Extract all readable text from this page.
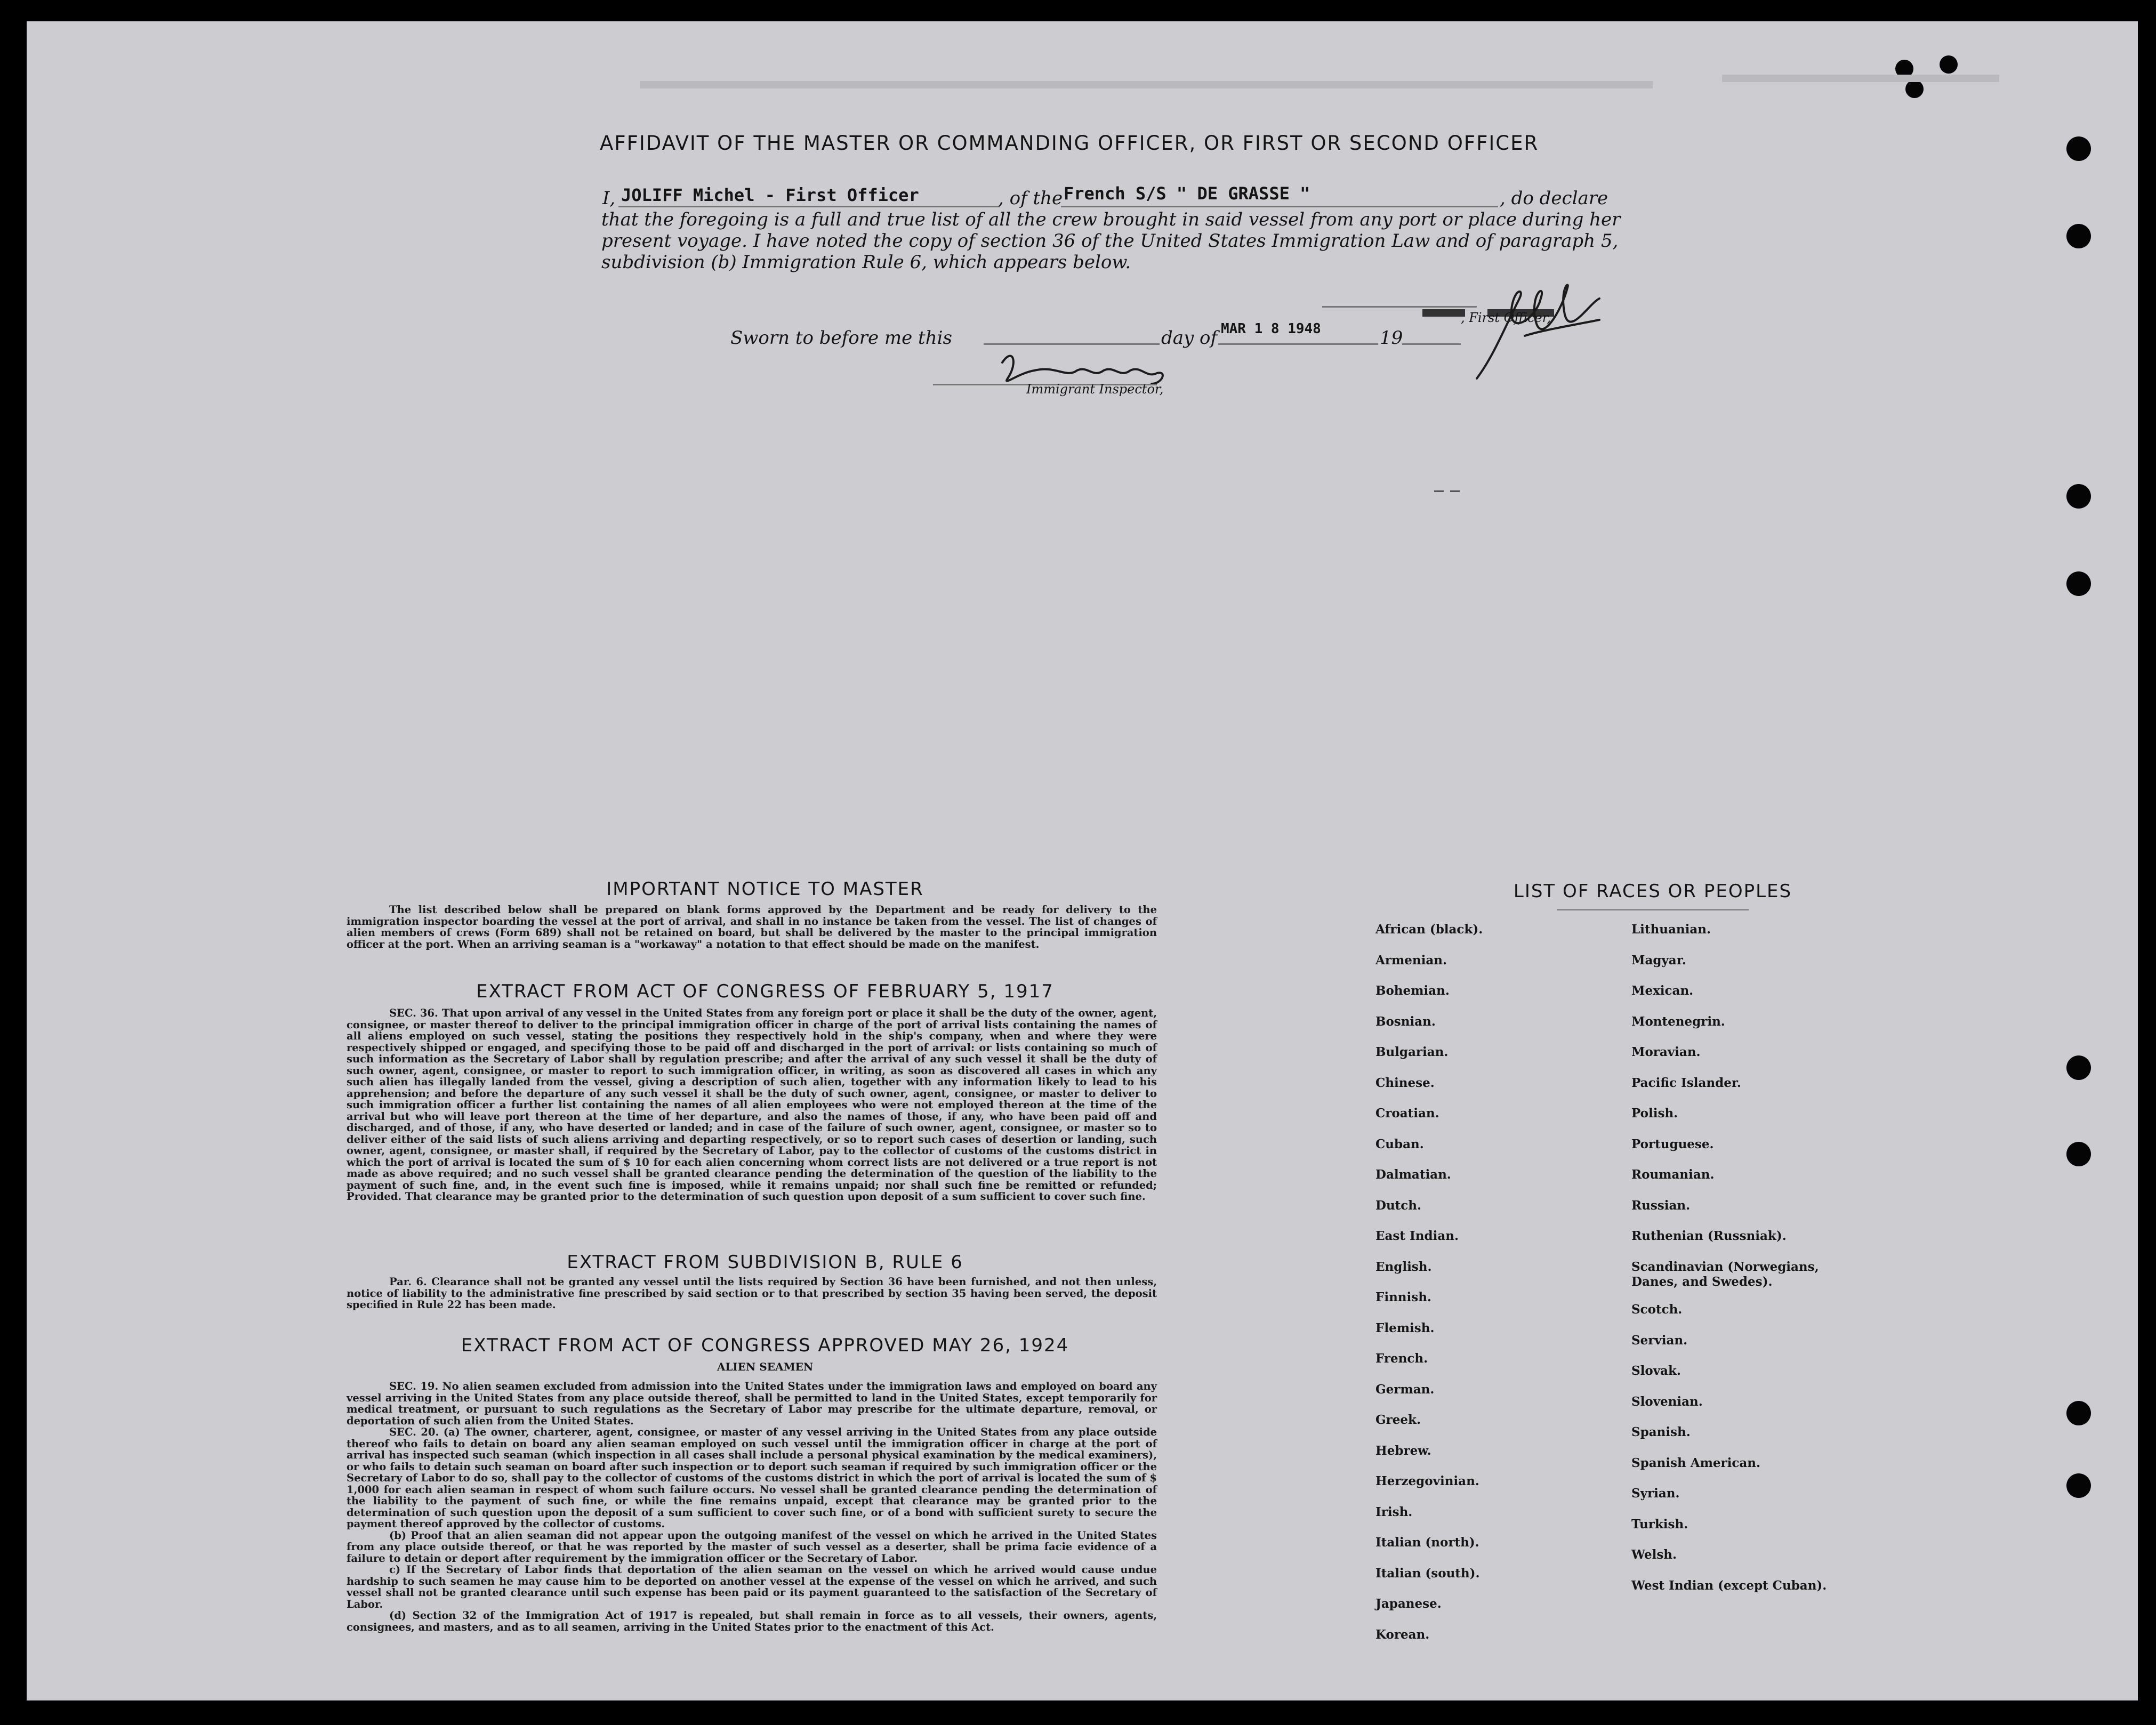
AFFIDAVIT OF THE MASTER OR COMMANDING OFFICER, OR FIRST OR SECOND OFFICER
I, JOLIFF Michel - First Officer	, of the French S/S " DE GRASSE "	, do declare
that the foregoing is a full and true list of all the crew brought in said vessel from any port or place during her
present voyage. I have noted the copy of section 36 of the United States Immigration Law and of paragraph 5,
subdivision (b) Immigration Rule 6, which appears below.
, First Officer,
Sworn to before me this	day of MAR 1 8 1948	19
Immigrant Inspector,
IMPORTANT NOTICE TO MASTER

The list described below shall be prepared on blank forms approved by the Department and be ready for delivery to the immigration inspector boarding the vessel at the port of arrival, and shall in no instance be taken from the vessel. The list of changes of alien members of crews (Form 689) shall not be retained on board, but shall be delivered by the master to the principal immigration officer at the port. When an arriving seaman is a "workaway" a notation to that effect should be made on the manifest.

EXTRACT FROM ACT OF CONGRESS OF FEBRUARY 5, 1917

SEC. 36. That upon arrival of any vessel in the United States from any foreign port or place it shall be the duty of the owner, agent, consignee, or master thereof to deliver to the principal immigration officer in charge of the port of arrival lists containing the names of all aliens employed on such vessel, stating the positions they respectively hold in the ship's company, when and where they were respectively shipped or engaged, and specifying those to be paid off and discharged in the port of arrival: or lists containing so much of such information as the Secretary of Labor shall by regulation prescribe; and after the arrival of any such vessel it shall be the duty of such owner, agent, consignee, or master to report to such immigration officer, in writing, as soon as discovered all cases in which any such alien has illegally landed from the vessel, giving a description of such alien, together with any information likely to lead to his apprehension; and before the departure of any such vessel it shall be the duty of such owner, agent, consignee, or master to deliver to such immigration officer a further list containing the names of all alien employees who were not employed thereon at the time of the arrival but who will leave port thereon at the time of her departure, and also the names of those, if any, who have been paid off and discharged, and of those, if any, who have deserted or landed; and in case of the failure of such owner, agent, consignee, or master so to deliver either of the said lists of such aliens arriving and departing respectively, or so to report such cases of desertion or landing, such owner, agent, consignee, or master shall, if required by the Secretary of Labor, pay to the collector of customs of the customs district in which the port of arrival is located the sum of $ 10 for each alien concerning whom correct lists are not delivered or a true report is not made as above required; and no such vessel shall be granted clearance pending the determination of the question of the liability to the payment of such fine, and, in the event such fine is imposed, while it remains unpaid; nor shall such fine be remitted or refunded; Provided. That clearance may be granted prior to the determination of such question upon deposit of a sum sufficient to cover such fine.

EXTRACT FROM SUBDIVISION B, RULE 6

Par. 6. Clearance shall not be granted any vessel until the lists required by Section 36 have been furnished, and not then unless, notice of liability to the administrative fine prescribed by said section or to that prescribed by section 35 having been served, the deposit specified in Rule 22 has been made.

EXTRACT FROM ACT OF CONGRESS APPROVED MAY 26, 1924
ALIEN SEAMEN

SEC. 19. No alien seamen excluded from admission into the United States under the immigration laws and employed on board any vessel arriving in the United States from any place outside thereof, shall be permitted to land in the United States, except temporarily for medical treatment, or pursuant to such regulations as the Secretary of Labor may prescribe for the ultimate departure, removal, or deportation of such alien from the United States.

SEC. 20. (a) The owner, charterer, agent, consignee, or master of any vessel arriving in the United States from any place outside thereof who fails to detain on board any alien seaman employed on such vessel until the immigration officer in charge at the port of arrival has inspected such seaman (which inspection in all cases shall include a personal physical examination by the medical examiners), or who fails to detain such seaman on board after such inspection or to deport such seaman if required by such immigration officer or the Secretary of Labor to do so, shall pay to the collector of customs of the customs district in which the port of arrival is located the sum of $ 1,000 for each alien seaman in respect of whom such failure occurs. No vessel shall be granted clearance pending the determination of the liability to the payment of such fine, or while the fine remains unpaid, except that clearance may be granted prior to the determination of such question upon the deposit of a sum sufficient to cover such fine, or of a bond with sufficient surety to secure the payment thereof approved by the collector of customs.

(b) Proof that an alien seaman did not appear upon the outgoing manifest of the vessel on which he arrived in the United States from any place outside thereof, or that he was reported by the master of such vessel as a deserter, shall be prima facie evidence of a failure to detain or deport after requirement by the immigration officer or the Secretary of Labor.

c) If the Secretary of Labor finds that deportation of the alien seaman on the vessel on which he arrived would cause undue hardship to such seamen he may cause him to be deported on another vessel at the expense of the vessel on which he arrived, and such vessel shall not be granted clearance until such expense has been paid or its payment guaranteed to the satisfaction of the Secretary of Labor.

(d) Section 32 of the Immigration Act of 1917 is repealed, but shall remain in force as to all vessels, their owners, agents, consignees, and masters, and as to all seamen, arriving in the United States prior to the enactment of this Act.

LIST OF RACES OR PEOPLES
African (black).
Armenian.
Bohemian.
Bosnian.
Bulgarian.
Chinese.
Croatian.
Cuban.
Dalmatian.
Dutch.
East Indian.
English.
Finnish.
Flemish.
French.
German.
Greek.
Hebrew.
Herzegovinian.
Irish.
Italian (north).
Italian (south).
Japanese.
Korean.
Lithuanian.
Magyar.
Mexican.
Montenegrin.
Moravian.
Pacific Islander.
Polish.
Portuguese.
Roumanian.
Russian.
Ruthenian (Russniak).
Scandinavian (Norwegians, Danes, and Swedes).
Scotch.
Servian.
Slovak.
Slovenian.
Spanish.
Spanish American.
Syrian.
Turkish.
Welsh.
West Indian (except Cuban).
